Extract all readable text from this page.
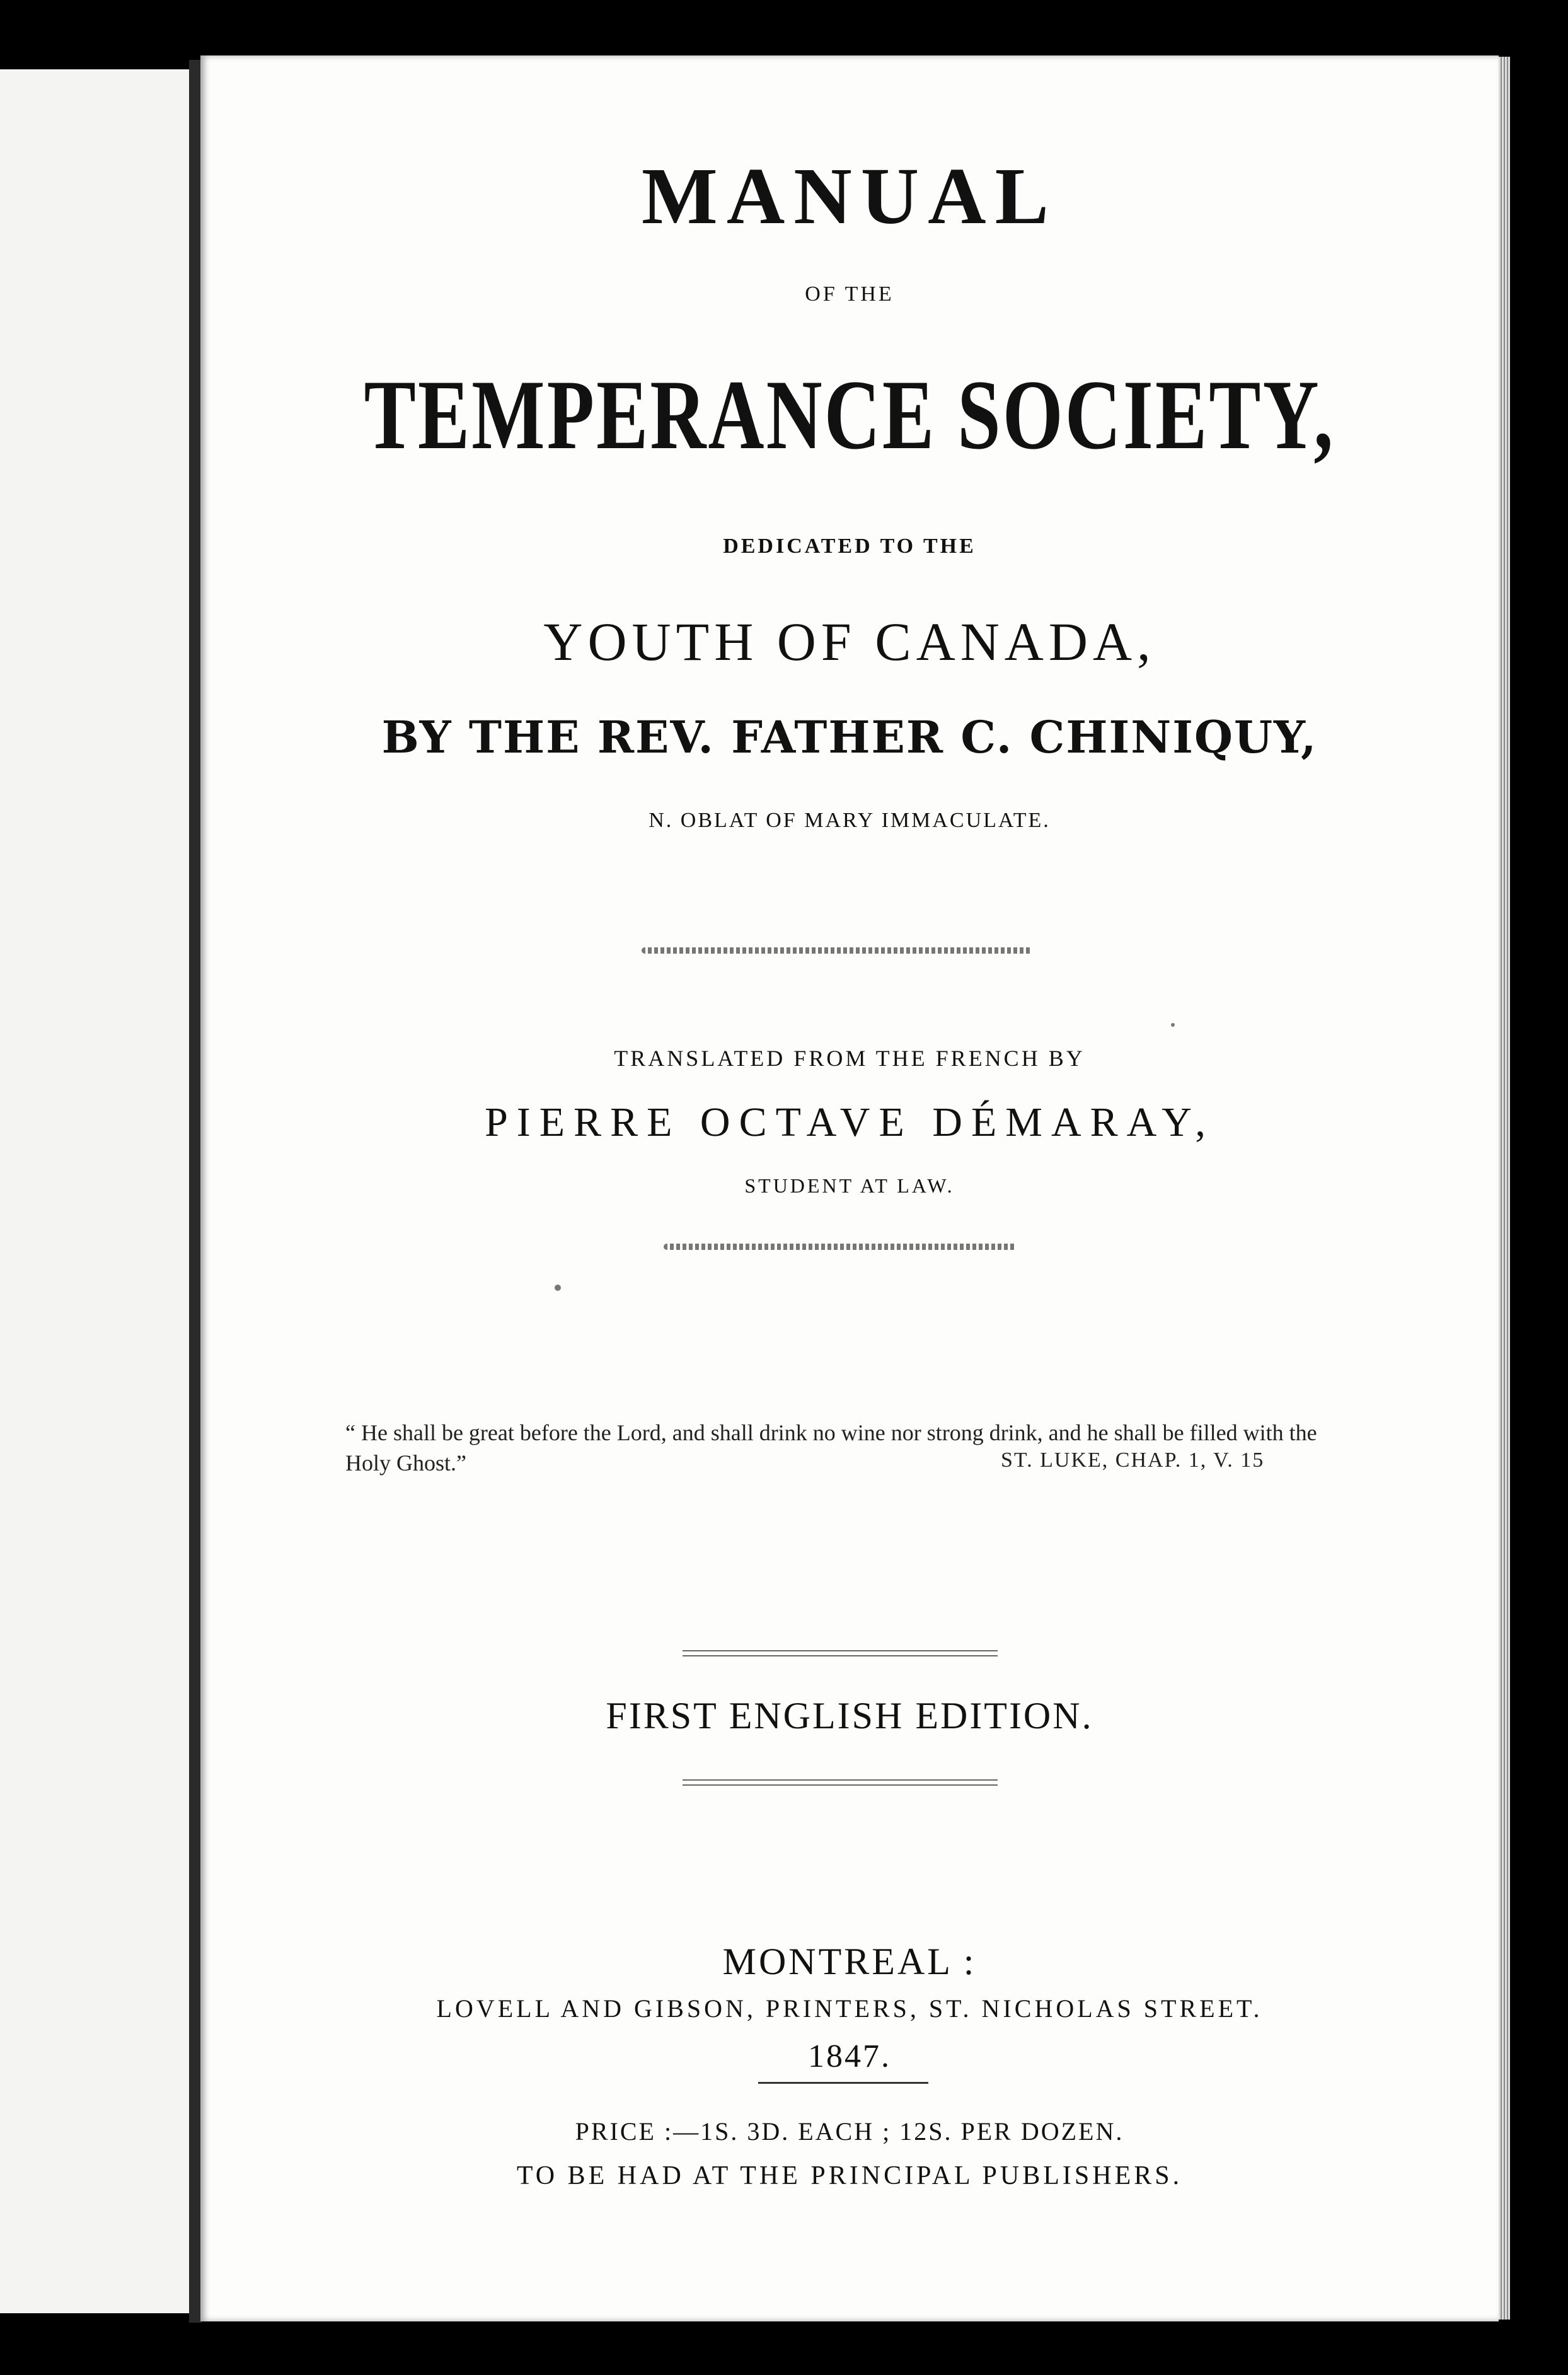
MANUAL

OF THE

TEMPERANCE SOCIETY,

DEDICATED TO THE

YOUTH OF CANADA,

BY THE REV. FATHER C. CHINIQUY,

N. OBLAT OF MARY IMMACULATE.

TRANSLATED FROM THE FRENCH BY

PIERRE OCTAVE DÉMARAY,

STUDENT AT LAW.

“ He shall be great before the Lord, and shall drink no wine nor strong drink, and he shall be filled with the Holy Ghost.”	ST. LUKE, CHAP. 1, V. 15

FIRST ENGLISH EDITION.

MONTREAL :

LOVELL AND GIBSON, PRINTERS, ST. NICHOLAS STREET.

1847.

PRICE :—1S. 3D. EACH ; 12S. PER DOZEN.

TO BE HAD AT THE PRINCIPAL PUBLISHERS.
